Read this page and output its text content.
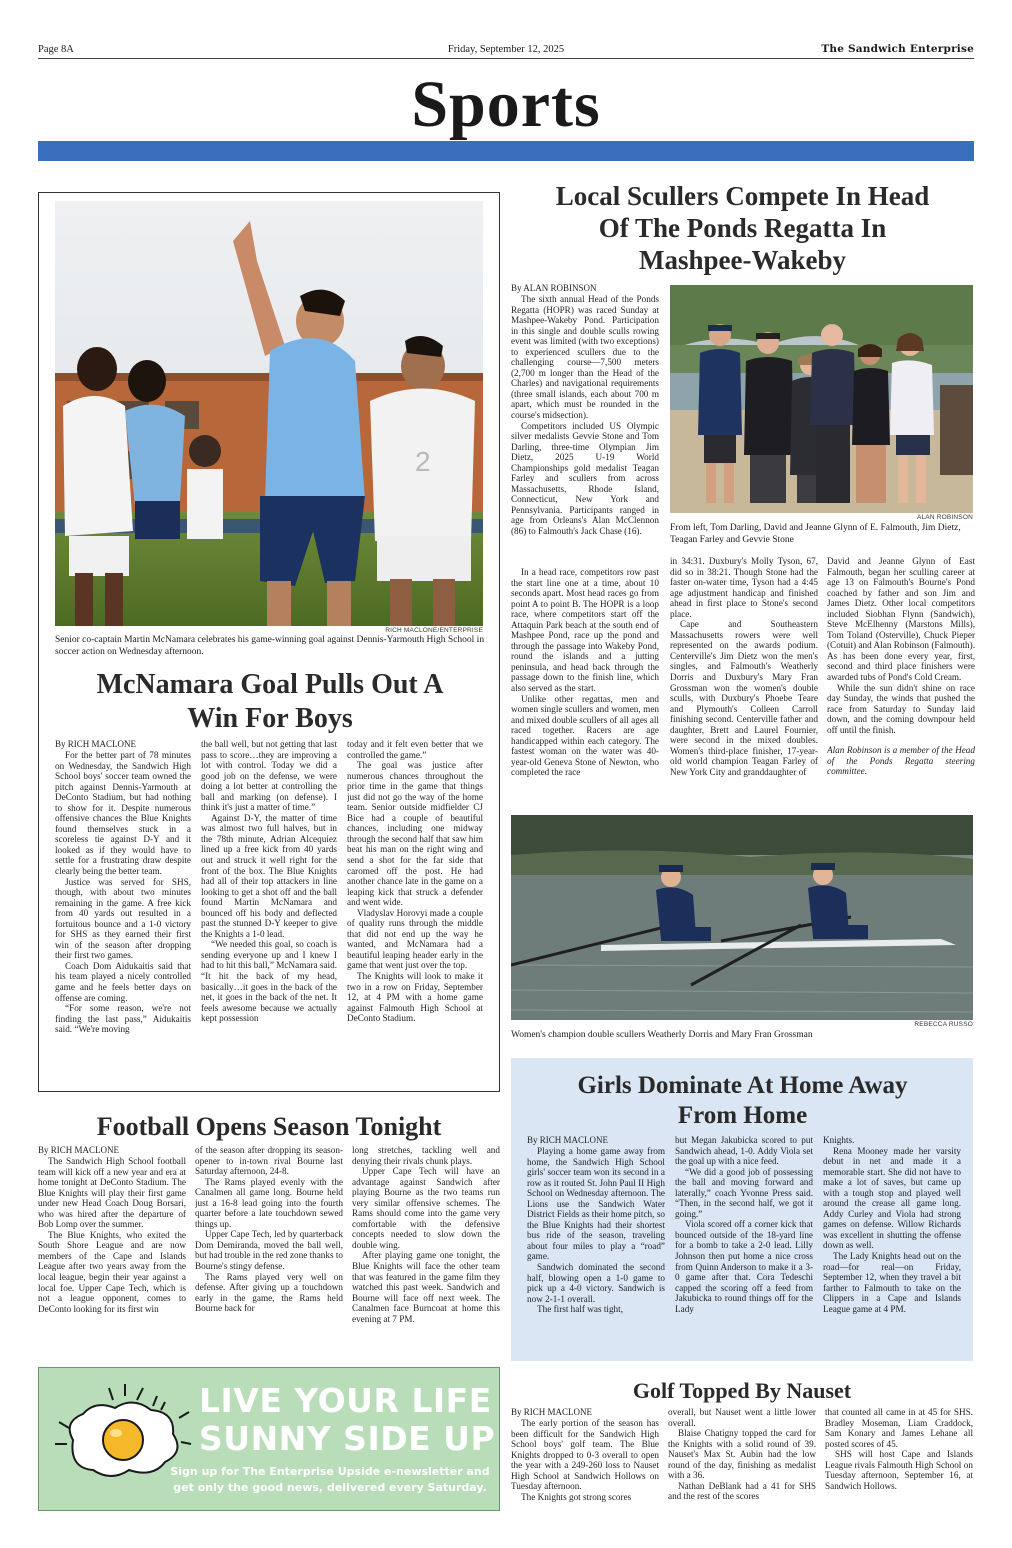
Page 8A	Friday, September 12, 2025	The Sandwich Enterprise
Sports
2
RICH MACLONE/ENTERPRISE
Senior co-captain Martin McNamara celebrates his game-winning goal against Dennis-Yarmouth High School in soccer action on Wednesday afternoon.
McNamara Goal Pulls Out A Win For Boys
By RICH MACLONE

For the better part of 78 minutes on Wednesday, the Sandwich High School boys' soccer team owned the pitch against Dennis-Yarmouth at DeConto Stadium, but had nothing to show for it. Despite numerous offensive chances the Blue Knights found themselves stuck in a scoreless tie against D-Y and it looked as if they would have to settle for a frustrating draw despite clearly being the better team.

Justice was served for SHS, though, with about two minutes remaining in the game. A free kick from 40 yards out resulted in a fortuitous bounce and a 1-0 victory for SHS as they earned their first win of the season after dropping their first two games.

Coach Dom Aidukaitis said that his team played a nicely controlled game and he feels better days on offense are coming.

“For some reason, we're not finding the last pass,” Aidukaitis said. “We're moving

the ball well, but not getting that last pass to score…they are improving a lot with control. Today we did a good job on the defense, we were doing a lot better at controlling the ball and marking (on defense). I think it's just a matter of time.”

Against D-Y, the matter of time was almost two full halves, but in the 78th minute, Adrian Alcequiez lined up a free kick from 40 yards out and struck it well right for the front of the box. The Blue Knights had all of their top attackers in line looking to get a shot off and the ball found Martin McNamara and bounced off his body and deflected past the stunned D-Y keeper to give the Knights a 1-0 lead.

“We needed this goal, so coach is sending everyone up and I knew I had to hit this ball,” McNamara said. “It hit the back of my head, basically…it goes in the back of the net, it goes in the back of the net. It feels awesome because we actually kept possession

today and it felt even better that we controlled the game.”

The goal was justice after numerous chances throughout the prior time in the game that things just did not go the way of the home team. Senior outside midfielder CJ Bice had a couple of beautiful chances, including one midway through the second half that saw him beat his man on the right wing and send a shot for the far side that caromed off the post. He had another chance late in the game on a leaping kick that struck a defender and went wide.

Vladyslav Horovyi made a couple of quality runs through the middle that did not end up the way he wanted, and McNamara had a beautiful leaping header early in the game that went just over the top.

The Knights will look to make it two in a row on Friday, September 12, at 4 PM with a home game against Falmouth High School at DeConto Stadium.

Local Scullers Compete In Head Of The Ponds Regatta In Mashpee-Wakeby
By ALAN ROBINSON

The sixth annual Head of the Ponds Regatta (HOPR) was raced Sunday at Mashpee-Wakeby Pond. Participation in this single and double sculls rowing event was limited (with two exceptions) to experienced scullers due to the challenging course—7,500 meters (2,700 m longer than the Head of the Charles) and navigational requirements (three small islands, each about 700 m apart, which must be rounded in the course's midsection).

Competitors included US Olympic silver medalists Gevvie Stone and Tom Darling, three-time Olympian Jim Dietz, 2025 U-19 World Championships gold medalist Teagan Farley and scullers from across Massachusetts, Rhode Island, Connecticut, New York and Pennsylvania. Participants ranged in age from Orleans's Alan McClennon (86) to Falmouth's Jack Chase (16).

ALAN ROBINSON
From left, Tom Darling, David and Jeanne Glynn of E. Falmouth, Jim Dietz, Teagan Farley and Gevvie Stone

In a head race, competitors row past the start line one at a time, about 10 seconds apart. Most head races go from point A to point B. The HOPR is a loop race, where competitors start off the Attaquin Park beach at the south end of Mashpee Pond, race up the pond and through the passage into Wakeby Pond, round the islands and a jutting peninsula, and head back through the passage down to the finish line, which also served as the start.

Unlike other regattas, men and women single scullers and women, men and mixed double scullers of all ages all raced together. Racers are age handicapped within each category. The fastest woman on the water was 40-year-old Geneva Stone of Newton, who completed the race

in 34:31. Duxbury's Molly Tyson, 67, did so in 38:21. Though Stone had the faster on-water time, Tyson had a 4:45 age adjustment handicap and finished ahead in first place to Stone's second place.

Cape and Southeastern Massachusetts rowers were well represented on the awards podium. Centerville's Jim Dietz won the men's singles, and Falmouth's Weatherly Dorris and Duxbury's Mary Fran Grossman won the women's double sculls, with Duxbury's Phoebe Teare and Plymouth's Colleen Carroll finishing second. Centerville father and daughter, Brett and Laurel Fournier, were second in the mixed doubles. Women's third-place finisher, 17-year-old world champion Teagan Farley of New York City and granddaughter of

David and Jeanne Glynn of East Falmouth, began her sculling career at age 13 on Falmouth's Bourne's Pond coached by father and son Jim and James Dietz. Other local competitors included Siobhan Flynn (Sandwich), Steve McElhenny (Marstons Mills), Tom Toland (Osterville), Chuck Pieper (Cotuit) and Alan Robinson (Falmouth). As has been done every year, first, second and third place finishers were awarded tubs of Pond's Cold Cream.

While the sun didn't shine on race day Sunday, the winds that pushed the race from Saturday to Sunday laid down, and the coming downpour held off until the finish.

Alan Robinson is a member of the Head of the Ponds Regatta steering committee.

REBECCA RUSSO
Women's champion double scullers Weatherly Dorris and Mary Fran Grossman
Football Opens Season Tonight
By RICH MACLONE

The Sandwich High School football team will kick off a new year and era at home tonight at DeConto Stadium. The Blue Knights will play their first game under new Head Coach Doug Borsari, who was hired after the departure of Bob Lomp over the summer.

The Blue Knights, who exited the South Shore League and are now members of the Cape and Islands League after two years away from the local league, begin their year against a local foe. Upper Cape Tech, which is not a league opponent, comes to DeConto looking for its first win

of the season after dropping its season-opener to in-town rival Bourne last Saturday afternoon, 24-8.

The Rams played evenly with the Canalmen all game long. Bourne held just a 16-8 lead going into the fourth quarter before a late touchdown sewed things up.

Upper Cape Tech, led by quarterback Dom Demiranda, moved the ball well, but had trouble in the red zone thanks to Bourne's stingy defense.

The Rams played very well on defense. After giving up a touchdown early in the game, the Rams held Bourne back for

long stretches, tackling well and denying their rivals chunk plays.

Upper Cape Tech will have an advantage against Sandwich after playing Bourne as the two teams run very similar offensive schemes. The Rams should come into the game very comfortable with the defensive concepts needed to slow down the double wing.

After playing game one tonight, the Blue Knights will face the other team that was featured in the game film they watched this past week. Sandwich and Bourne will face off next week. The Canalmen face Burncoat at home this evening at 7 PM.

Girls Dominate At Home Away From Home
By RICH MACLONE

Playing a home game away from home, the Sandwich High School girls' soccer team won its second in a row as it routed St. John Paul II High School on Wednesday afternoon. The Lions use the Sandwich Water District Fields as their home pitch, so the Blue Knights had their shortest bus ride of the season, traveling about four miles to play a “road” game.

Sandwich dominated the second half, blowing open a 1-0 game to pick up a 4-0 victory. Sandwich is now 2-1-1 overall.

The first half was tight,

but Megan Jakubicka scored to put Sandwich ahead, 1-0. Addy Viola set the goal up with a nice feed.

“We did a good job of possessing the ball and moving forward and laterally,” coach Yvonne Press said. “Then, in the second half, we got it going.”

Viola scored off a corner kick that bounced outside of the 18-yard line for a bomb to take a 2-0 lead. Lilly Johnson then put home a nice cross from Quinn Anderson to make it a 3-0 game after that. Cora Tedeschi capped the scoring off a feed from Jakubicka to round things off for the Lady

Knights.

Rena Mooney made her varsity debut in net and made it a memorable start. She did not have to make a lot of saves, but came up with a tough stop and played well around the crease all game long. Addy Curley and Viola had strong games on defense. Willow Richards was excellent in shutting the offense down as well.

The Lady Knights head out on the road—for real—on Friday, September 12, when they travel a bit farther to Falmouth to take on the Clippers in a Cape and Islands League game at 4 PM.

LIVE YOUR LIFE
SUNNY SIDE UP
Sign up for The Enterprise Upside e-newsletter and
get only the good news, delivered every Saturday.
Golf Topped By Nauset
By RICH MACLONE

The early portion of the season has been difficult for the Sandwich High School boys' golf team. The Blue Knights dropped to 0-3 overall to open the year with a 249-260 loss to Nauset High School at Sandwich Hollows on Tuesday afternoon.

The Knights got strong scores

overall, but Nauset went a little lower overall.

Blaise Chatigny topped the card for the Knights with a solid round of 39. Nauset's Max St. Aubin had the low round of the day, finishing as medalist with a 36.

Nathan DeBlank had a 41 for SHS and the rest of the scores

that counted all came in at 45 for SHS. Bradley Moseman, Liam Craddock, Sam Konary and James Lehane all posted scores of 45.

SHS will host Cape and Islands League rivals Falmouth High School on Tuesday afternoon, September 16, at Sandwich Hollows.
